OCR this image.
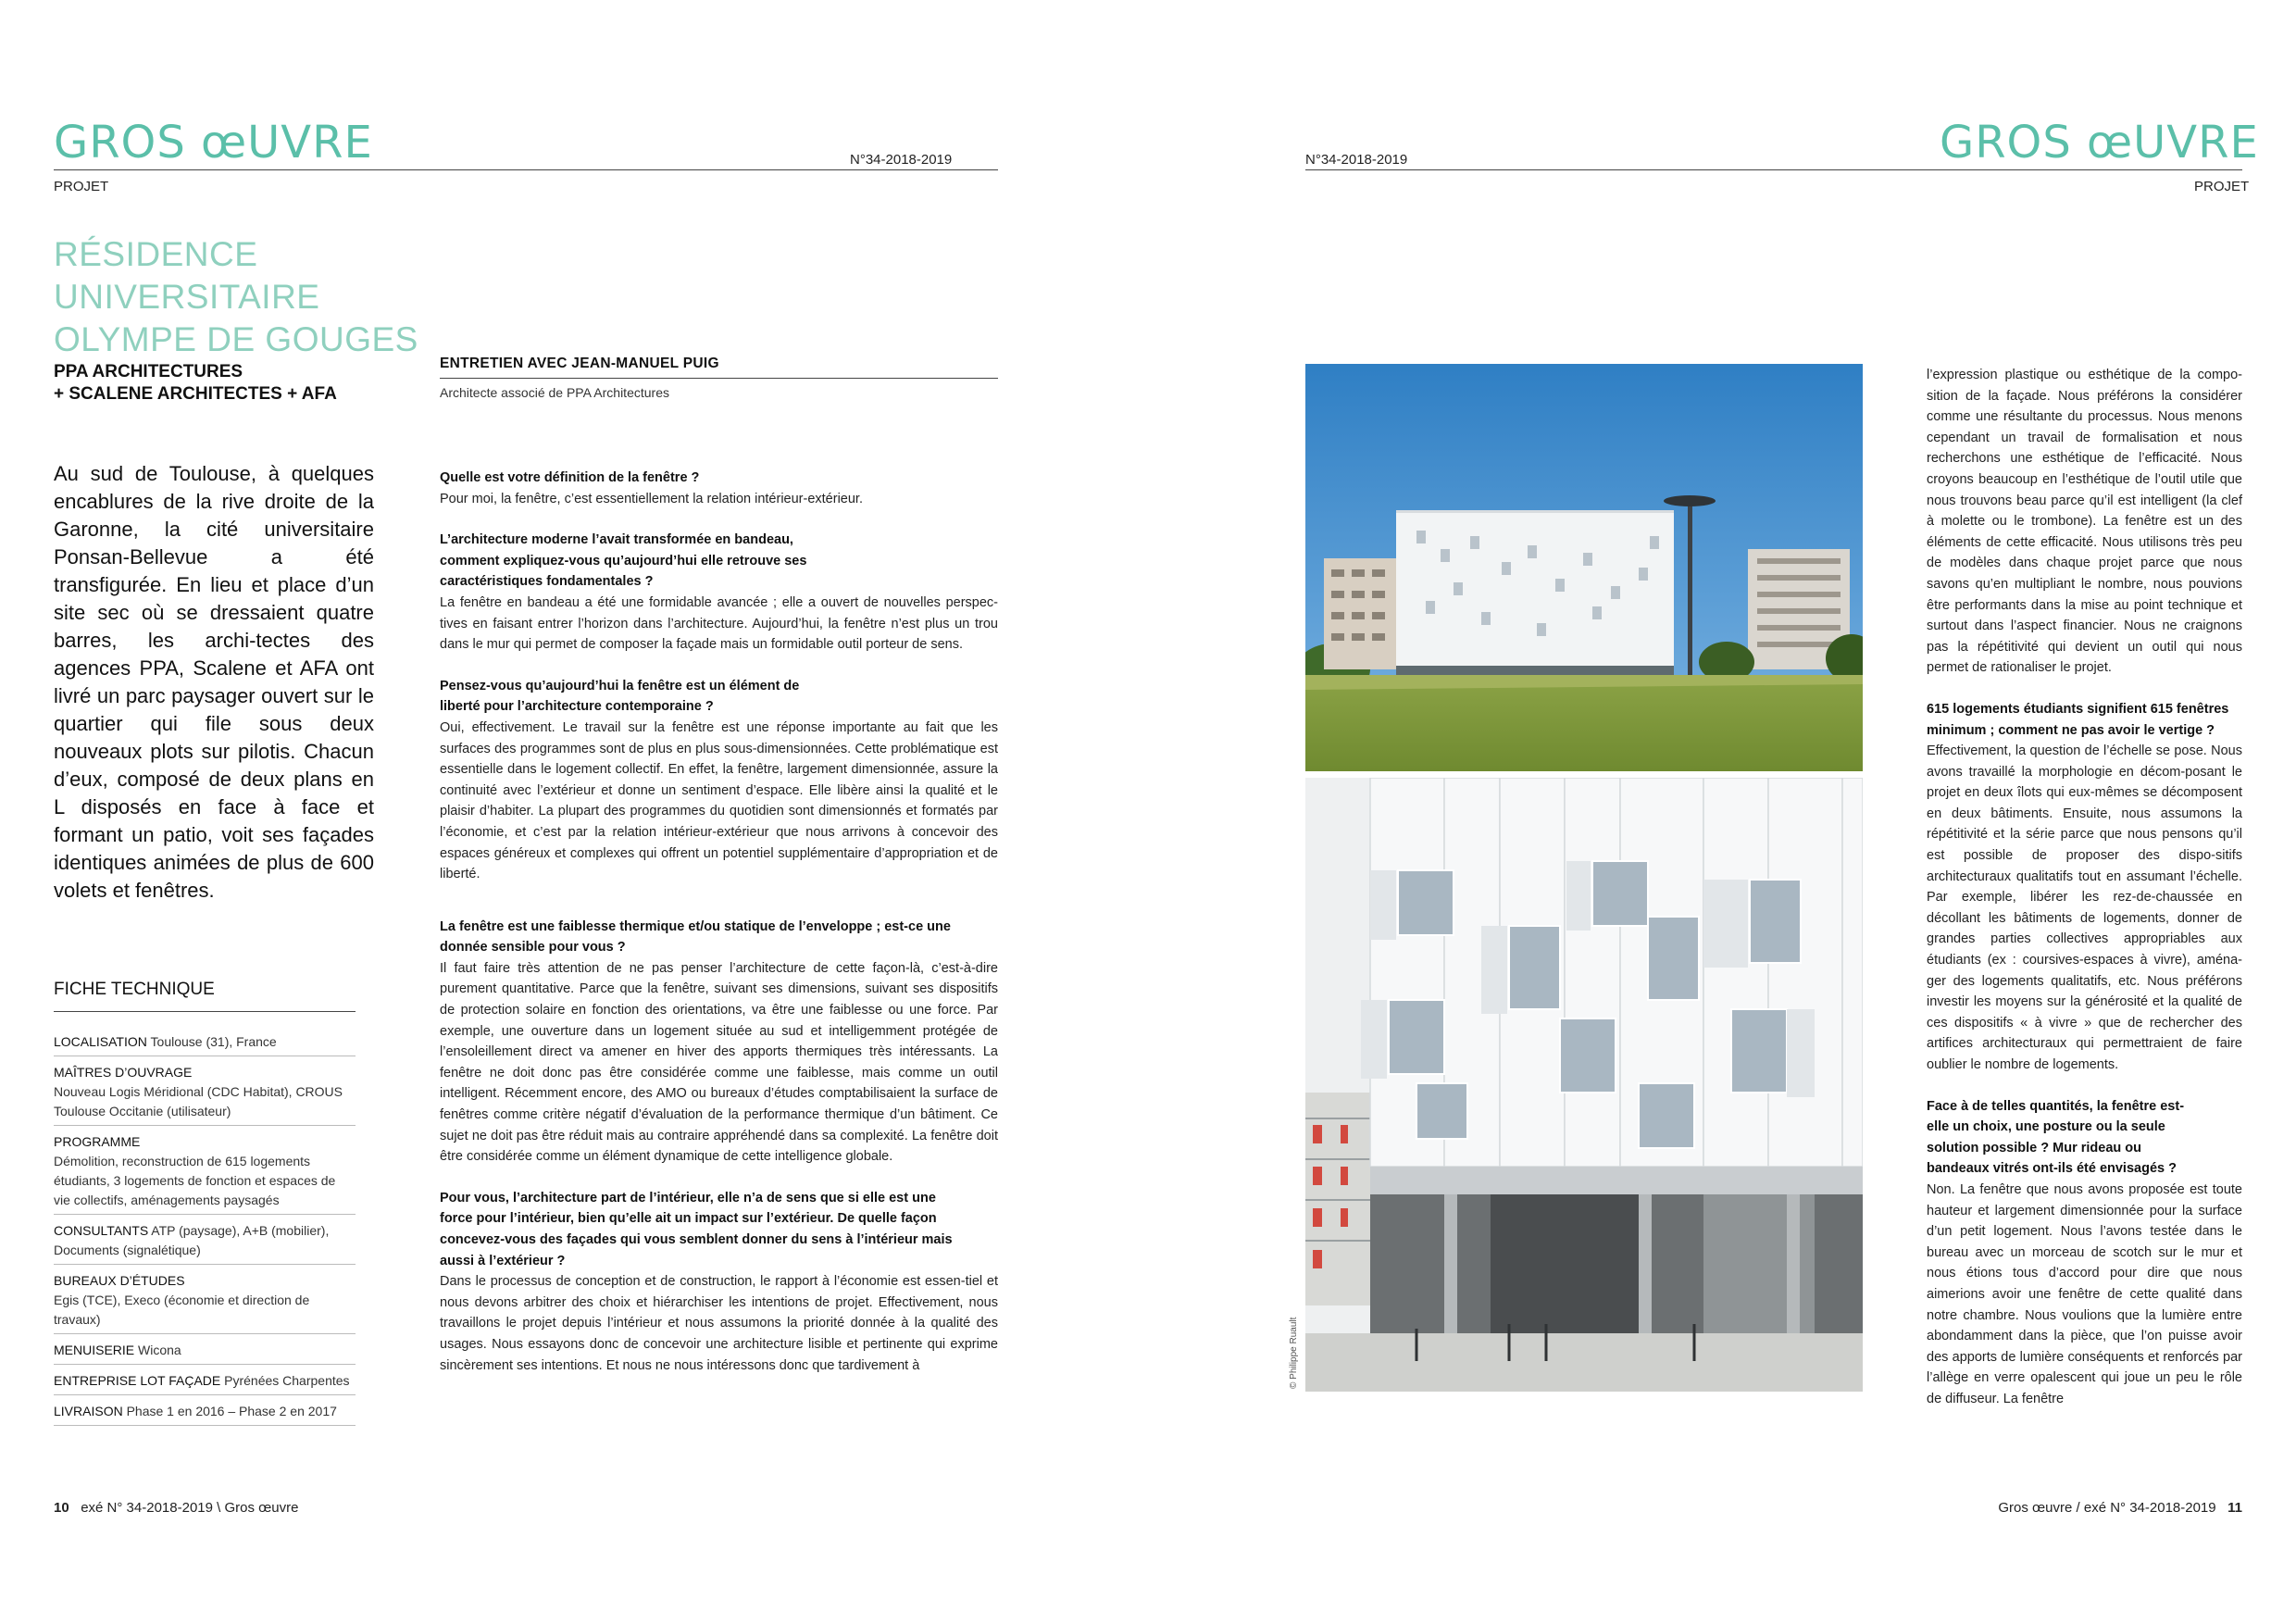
GROS œUVRE	N°34-2018-2019
PROJET
N°34-2018-2019	GROS œUVRE
PROJET
RÉSIDENCE
UNIVERSITAIRE
OLYMPE DE GOUGES
PPA ARCHITECTURES
+ SCALENE ARCHITECTES + AFA
Au sud de Toulouse, à quelques encablures de la rive droite de la Garonne, la cité universitaire Ponsan-Bellevue a été transfigurée. En lieu et place d’un site sec où se dressaient quatre barres, les archi-tectes des agences PPA, Scalene et AFA ont livré un parc paysager ouvert sur le quartier qui file sous deux nouveaux plots sur pilotis. Chacun d’eux, composé de deux plans en L disposés en face à face et formant un patio, voit ses façades identiques animées de plus de 600 volets et fenêtres.
FICHE TECHNIQUE
LOCALISATION Toulouse (31), France
MAÎTRES D’OUVRAGE
Nouveau Logis Méridional (CDC Habitat), CROUS Toulouse Occitanie (utilisateur)
PROGRAMME
Démolition, reconstruction de 615 logements étudiants, 3 logements de fonction et espaces de vie collectifs, aménagements paysagés
CONSULTANTS ATP (paysage), A+B (mobilier), Documents (signalétique)
BUREAUX D’ÉTUDES
Egis (TCE), Execo (économie et direction de travaux)
MENUISERIE Wicona
ENTREPRISE LOT FAÇADE Pyrénées Charpentes
LIVRAISON Phase 1 en 2016 – Phase 2 en 2017
ENTRETIEN AVEC JEAN-MANUEL PUIG
Architecte associé de PPA Architectures

Quelle est votre définition de la fenêtre ?

Pour moi, la fenêtre, c’est essentiellement la relation intérieur-extérieur.

L’architecture moderne l’avait transformée en bandeau, comment expliquez-vous qu’aujourd’hui elle retrouve ses caractéristiques fondamentales ?

La fenêtre en bandeau a été une formidable avancée ; elle a ouvert de nouvelles perspec-tives en faisant entrer l’horizon dans l’architecture. Aujourd’hui, la fenêtre n’est plus un trou dans le mur qui permet de composer la façade mais un formidable outil porteur de sens.

Pensez-vous qu’aujourd’hui la fenêtre est un élément de liberté pour l’architecture contemporaine ?

Oui, effectivement. Le travail sur la fenêtre est une réponse importante au fait que les surfaces des programmes sont de plus en plus sous-dimensionnées. Cette problématique est essentielle dans le logement collectif. En effet, la fenêtre, largement dimensionnée, assure la continuité avec l’extérieur et donne un sentiment d’espace. Elle libère ainsi la qualité et le plaisir d’habiter. La plupart des programmes du quotidien sont dimensionnés et formatés par l’économie, et c’est par la relation intérieur-extérieur que nous arrivons à concevoir des espaces généreux et complexes qui offrent un potentiel supplémentaire d’appropriation et de liberté.

La fenêtre est une faiblesse thermique et/ou statique de l’enveloppe ; est-ce une donnée sensible pour vous ?

Il faut faire très attention de ne pas penser l’architecture de cette façon-là, c’est-à-dire purement quantitative. Parce que la fenêtre, suivant ses dimensions, suivant ses dispositifs de protection solaire en fonction des orientations, va être une faiblesse ou une force. Par exemple, une ouverture dans un logement située au sud et intelligemment protégée de l’ensoleillement direct va amener en hiver des apports thermiques très intéressants. La fenêtre ne doit donc pas être considérée comme une faiblesse, mais comme un outil intelligent. Récemment encore, des AMO ou bureaux d’études comptabilisaient la surface de fenêtres comme critère négatif d’évaluation de la performance thermique d’un bâtiment. Ce sujet ne doit pas être réduit mais au contraire appréhendé dans sa complexité. La fenêtre doit être considérée comme un élément dynamique de cette intelligence globale.

Pour vous, l’architecture part de l’intérieur, elle n’a de sens que si elle est une force pour l’intérieur, bien qu’elle ait un impact sur l’extérieur. De quelle façon concevez-vous des façades qui vous semblent donner du sens à l’intérieur mais aussi à l’extérieur ?

Dans le processus de conception et de construction, le rapport à l’économie est essen-tiel et nous devons arbitrer des choix et hiérarchiser les intentions de projet. Effectivement, nous travaillons le projet depuis l’intérieur et nous assumons la priorité donnée à la qualité des usages. Nous essayons donc de concevoir une architecture lisible et pertinente qui exprime sincèrement ses intentions. Et nous ne nous intéressons donc que tardivement à	© Philippe Ruault

l’expression plastique ou esthétique de la compo-sition de la façade. Nous préférons la considérer comme une résultante du processus. Nous menons cependant un travail de formalisation et nous recherchons une esthétique de l’efficacité. Nous croyons beaucoup en l’esthétique de l’outil utile que nous trouvons beau parce qu’il est intelligent (la clef à molette ou le trombone). La fenêtre est un des éléments de cette efficacité. Nous utilisons très peu de modèles dans chaque projet parce que nous savons qu’en multipliant le nombre, nous pouvions être performants dans la mise au point technique et surtout dans l’aspect financier. Nous ne craignons pas la répétitivité qui devient un outil qui nous permet de rationaliser le projet.

615 logements étudiants signifient 615 fenêtres minimum ; comment ne pas avoir le vertige ?

Effectivement, la question de l’échelle se pose. Nous avons travaillé la morphologie en décom-posant le projet en deux îlots qui eux-mêmes se décomposent en deux bâtiments. Ensuite, nous assumons la répétitivité et la série parce que nous pensons qu’il est possible de proposer des dispo-sitifs architecturaux qualitatifs tout en assumant l’échelle. Par exemple, libérer les rez-de-chaussée en décollant les bâtiments de logements, donner de grandes parties collectives appropriables aux étudiants (ex : coursives-espaces à vivre), aména-ger des logements qualitatifs, etc. Nous préférons investir les moyens sur la générosité et la qualité de ces dispositifs « à vivre » que de rechercher des artifices architecturaux qui permettraient de faire oublier le nombre de logements.

Face à de telles quantités, la fenêtre est-elle un choix, une posture ou la seule solution possible ? Mur rideau ou bandeaux vitrés ont-ils été envisagés ?

Non. La fenêtre que nous avons proposée est toute hauteur et largement dimensionnée pour la surface d’un petit logement. Nous l’avons testée dans le bureau avec un morceau de scotch sur le mur et nous étions tous d’accord pour dire que nous aimerions avoir une fenêtre de cette qualité dans notre chambre. Nous voulions que la lumière entre abondamment dans la pièce, que l’on puisse avoir des apports de lumière conséquents et renforcés par l’allège en verre opalescent qui joue un peu le rôle de diffuseur. La fenêtre

10 exé N° 34-2018-2019 \ Gros œuvre	Gros œuvre / exé N° 34-2018-2019 11
